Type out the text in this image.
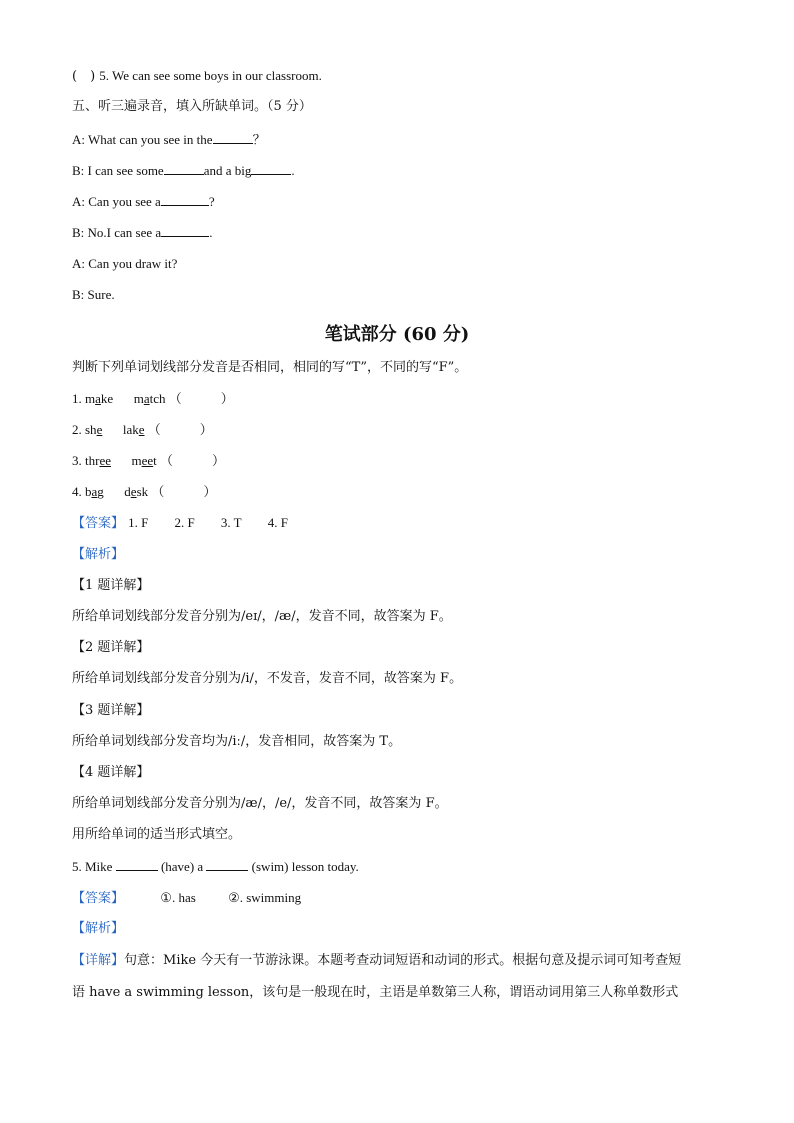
(　) 5. We can see some boys in our classroom.
五、听三遍录音，填入所缺单词。（5 分）
A: What can you see in the	？
B: I can see some	and a big	.
A: Can you see a	?
B: No.I can see a	.
A: Can you draw it?
B: Sure.
笔试部分 (60 分)
判断下列单词划线部分发音是否相同，相同的写“T”，不同的写“F”。
1. make match （　　　）
2. she lake （　　　）
3. three meet （　　　）
4. bag desk （　　　）
【答案】 1. F 2. F 3. T 4. F
【解析】
【1 题详解】
所给单词划线部分发音分别为/eɪ/，/æ/，发音不同，故答案为 F。
【2 题详解】
所给单词划线部分发音分别为/i/，不发音，发音不同，故答案为 F。
【3 题详解】
所给单词划线部分发音均为/iː/，发音相同，故答案为 T。
【4 题详解】
所给单词划线部分发音分别为/æ/，/e/，发音不同，故答案为 F。
用所给单词的适当形式填空。
5. Mike	(have) a	(swim) lesson today.
【答案】	①. has ②. swimming
【解析】
【详解】句意：Mike 今天有一节游泳课。本题考查动词短语和动词的形式。根据句意及提示词可知考查短
语 have a swimming lesson，该句是一般现在时，主语是单数第三人称，谓语动词用第三人称单数形式
